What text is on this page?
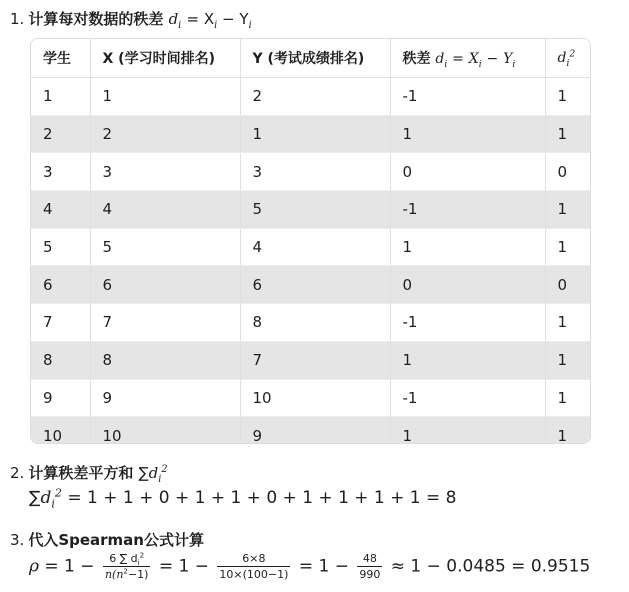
1. 计算每对数据的秩差 $d_i = X_i - Y_i$
学生	X (学习时间排名)	Y (考试成绩排名)	秩差 $d_i = X_i - Y_i$	$d_i^2$
1	1	2	-1	1
2	2	1	1	1
3	3	3	0	0
4	4	5	-1	1
5	5	4	1	1
6	6	6	0	0
7	7	8	-1	1
8	8	7	1	1
9	9	10	-1	1
10	10	9	1	1
2. 计算秩差平方和 $\sum d_i^2$
$\sum d_i^2 = 1 + 1 + 0 + 1 + 1 + 0 + 1 + 1 + 1 + 1 = 8$
3. 代入Spearman公式计算
$\rho = 1 - \frac{6 \sum d_i^2}{n(n^2-1)} = 1 - \frac{6\times 8}{10\times(100-1)} = 1 - \frac{48}{990} \approx 1 - 0.0485 = 0.9515$
